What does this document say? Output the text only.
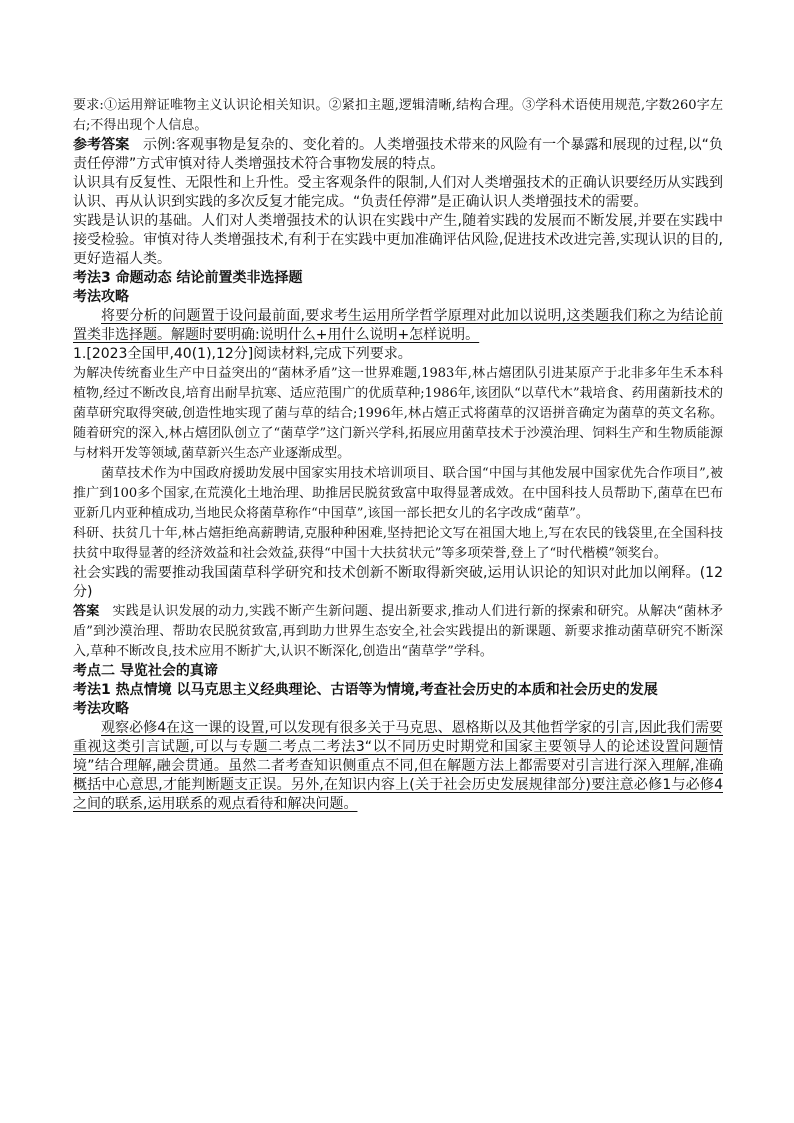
要求:①运用辩证唯物主义认识论相关知识。②紧扣主题,逻辑清晰,结构合理。③学科术语使用规范,字数260字左右;不得出现个人信息。

参考答案 示例:客观事物是复杂的、变化着的。人类增强技术带来的风险有一个暴露和展现的过程,以“负责任停滞”方式审慎对待人类增强技术符合事物发展的特点。

认识具有反复性、无限性和上升性。受主客观条件的限制,人们对人类增强技术的正确认识要经历从实践到认识、再从认识到实践的多次反复才能完成。“负责任停滞”是正确认识人类增强技术的需要。

实践是认识的基础。人们对人类增强技术的认识在实践中产生,随着实践的发展而不断发展,并要在实践中接受检验。审慎对待人类增强技术,有利于在实践中更加准确评估风险,促进技术改进完善,实现认识的目的,更好造福人类。

考法3 命题动态 结论前置类非选择题

考法攻略

将要分析的问题置于设问最前面,要求考生运用所学哲学原理对此加以说明,这类题我们称之为结论前置类非选择题。解题时要明确:说明什么+用什么说明+怎样说明。

1.[2023全国甲,40(1),12分]阅读材料,完成下列要求。

为解决传统畜业生产中日益突出的“菌林矛盾”这一世界难题,1983年,林占熺团队引进某原产于北非多年生禾本科植物,经过不断改良,培育出耐旱抗寒、适应范围广的优质草种;1986年,该团队“以草代木”栽培食、药用菌新技术的菌草研究取得突破,创造性地实现了菌与草的结合;1996年,林占熺正式将菌草的汉语拼音确定为菌草的英文名称。随着研究的深入,林占熺团队创立了“菌草学”这门新兴学科,拓展应用菌草技术于沙漠治理、饲料生产和生物质能源与材料开发等领域,菌草新兴生态产业逐渐成型。

菌草技术作为中国政府援助发展中国家实用技术培训项目、联合国“中国与其他发展中国家优先合作项目”,被推广到100多个国家,在荒漠化土地治理、助推居民脱贫致富中取得显著成效。在中国科技人员帮助下,菌草在巴布亚新几内亚种植成功,当地民众将菌草称作“中国草”,该国一部长把女儿的名字改成“菌草”。

科研、扶贫几十年,林占熺拒绝高薪聘请,克服种种困难,坚持把论文写在祖国大地上,写在农民的钱袋里,在全国科技扶贫中取得显著的经济效益和社会效益,获得“中国十大扶贫状元”等多项荣誉,登上了“时代楷模”领奖台。

社会实践的需要推动我国菌草科学研究和技术创新不断取得新突破,运用认识论的知识对此加以阐释。(12分)

答案 实践是认识发展的动力,实践不断产生新问题、提出新要求,推动人们进行新的探索和研究。从解决“菌林矛盾”到沙漠治理、帮助农民脱贫致富,再到助力世界生态安全,社会实践提出的新课题、新要求推动菌草研究不断深入,草种不断改良,技术应用不断扩大,认识不断深化,创造出“菌草学”学科。

考点二 导览社会的真谛

考法1 热点情境 以马克思主义经典理论、古语等为情境,考查社会历史的本质和社会历史的发展

考法攻略

观察必修4在这一课的设置,可以发现有很多关于马克思、恩格斯以及其他哲学家的引言,因此我们需要重视这类引言试题,可以与专题二考点二考法3“以不同历史时期党和国家主要领导人的论述设置问题情境”结合理解,融会贯通。虽然二者考查知识侧重点不同,但在解题方法上都需要对引言进行深入理解,准确概括中心意思,才能判断题支正误。另外,在知识内容上(关于社会历史发展规律部分)要注意必修1与必修4之间的联系,运用联系的观点看待和解决问题。
